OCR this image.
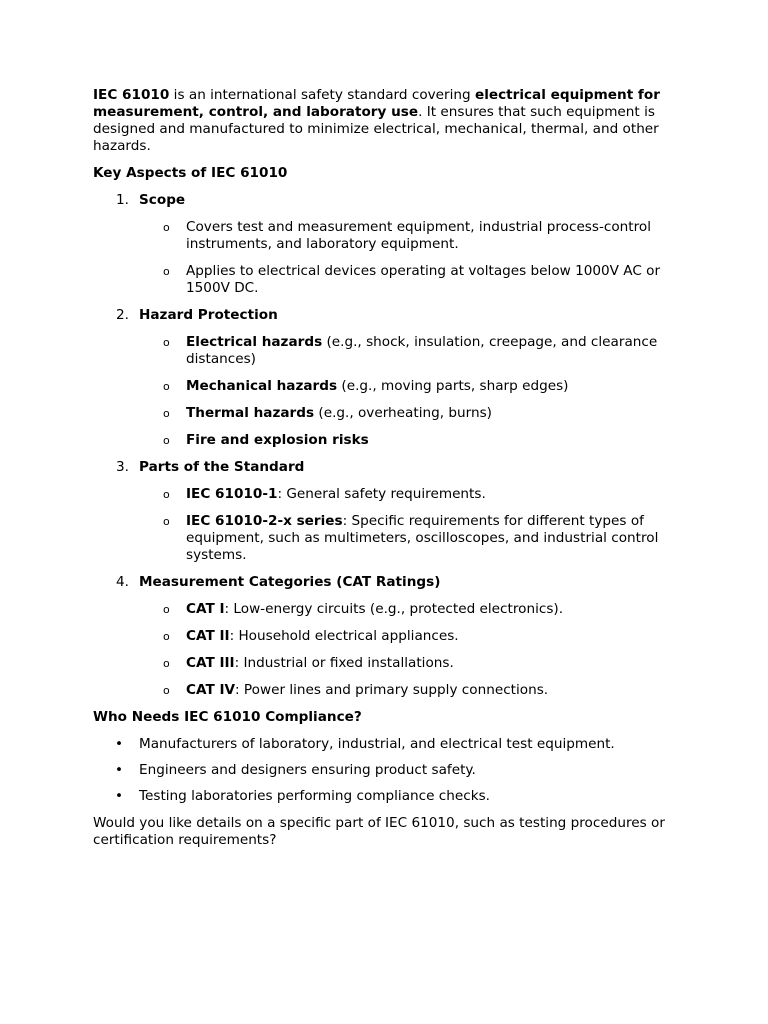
IEC 61010 is an international safety standard covering electrical equipment for measurement, control, and laboratory use. It ensures that such equipment is designed and manufactured to minimize electrical, mechanical, thermal, and other hazards.

Key Aspects of IEC 61010

1. Scope
o Covers test and measurement equipment, industrial process-control instruments, and laboratory equipment.
o Applies to electrical devices operating at voltages below 1000V AC or 1500V DC.
2. Hazard Protection
o Electrical hazards (e.g., shock, insulation, creepage, and clearance distances)
o Mechanical hazards (e.g., moving parts, sharp edges)
o Thermal hazards (e.g., overheating, burns)
o Fire and explosion risks
3. Parts of the Standard
o IEC 61010-1: General safety requirements.
o IEC 61010-2-x series: Specific requirements for different types of equipment, such as multimeters, oscilloscopes, and industrial control systems.
4. Measurement Categories (CAT Ratings)
o CAT I: Low-energy circuits (e.g., protected electronics).
o CAT II: Household electrical appliances.
o CAT III: Industrial or fixed installations.
o CAT IV: Power lines and primary supply connections.

Who Needs IEC 61010 Compliance?

• Manufacturers of laboratory, industrial, and electrical test equipment.
• Engineers and designers ensuring product safety.
• Testing laboratories performing compliance checks.

Would you like details on a specific part of IEC 61010, such as testing procedures or certification requirements?
